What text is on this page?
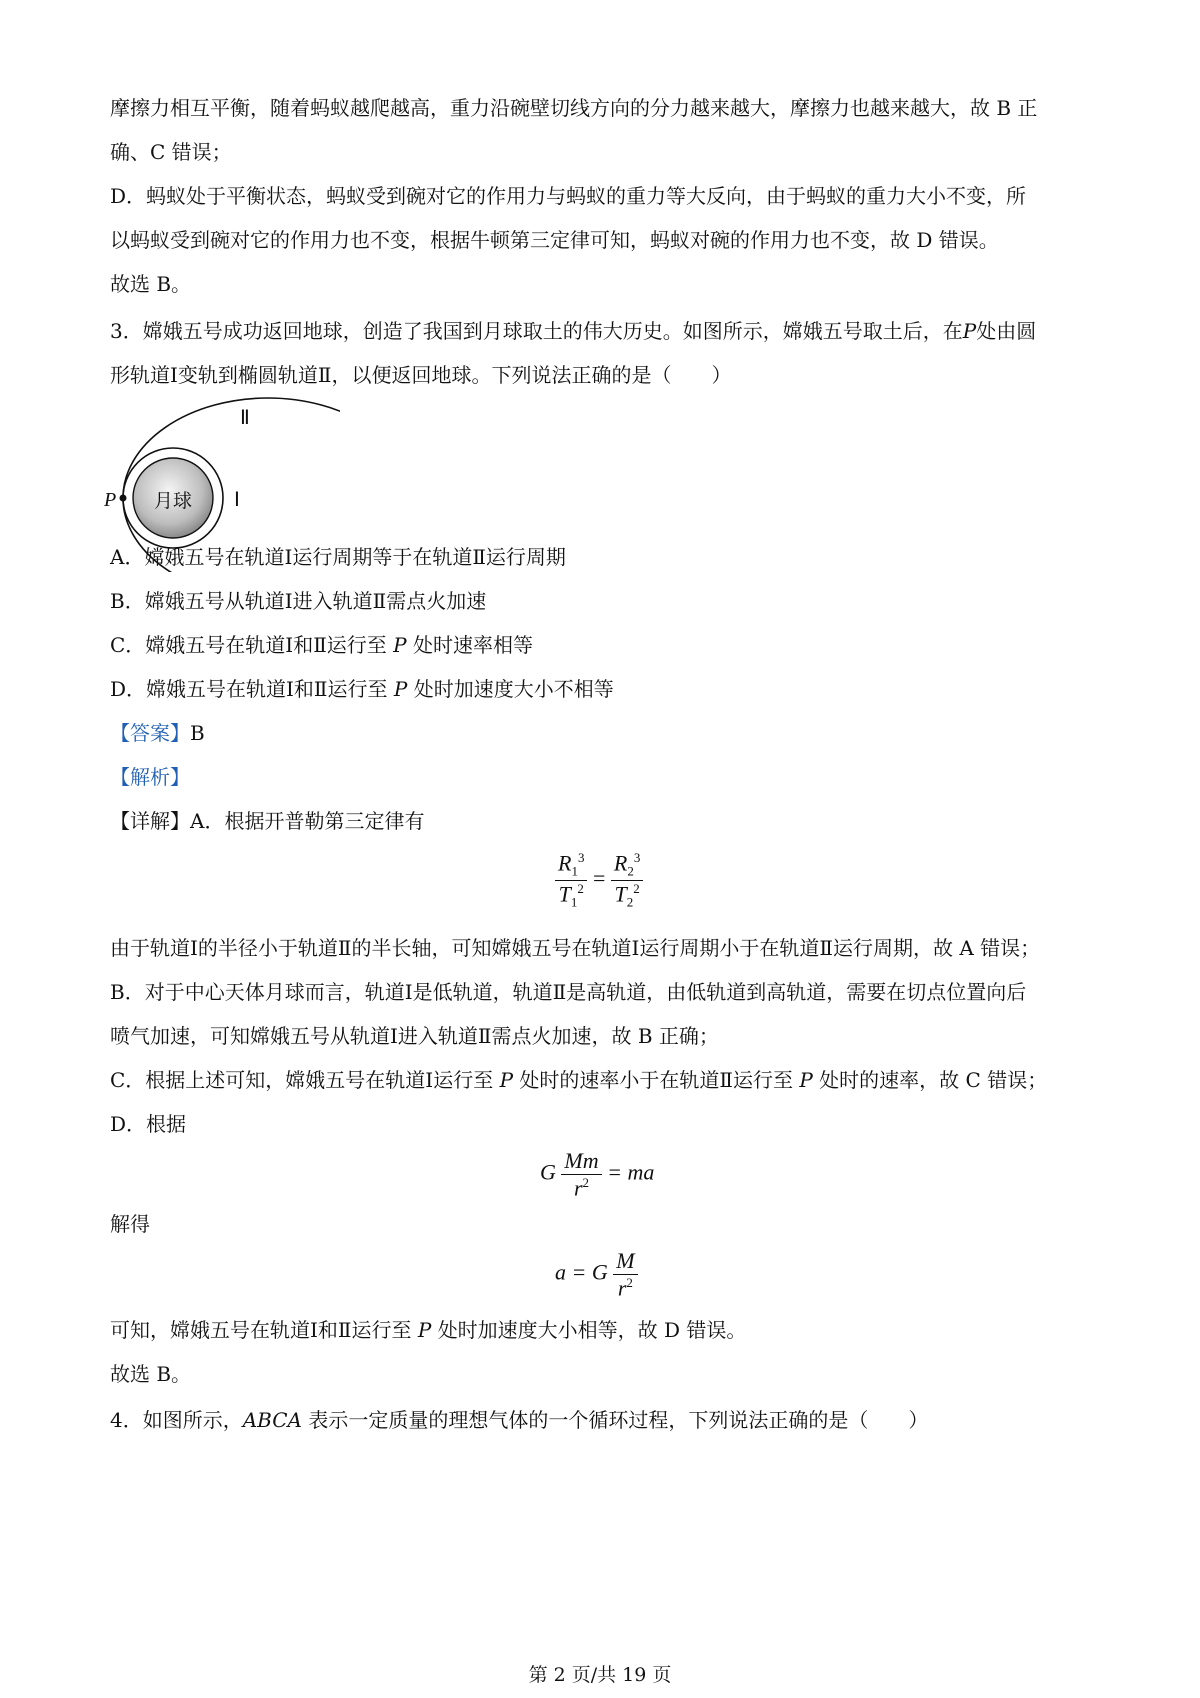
摩擦力相互平衡，随着蚂蚁越爬越高，重力沿碗壁切线方向的分力越来越大，摩擦力也越来越大，故 B 正
确、C 错误；
D．蚂蚁处于平衡状态，蚂蚁受到碗对它的作用力与蚂蚁的重力等大反向，由于蚂蚁的重力大小不变，所
以蚂蚁受到碗对它的作用力也不变，根据牛顿第三定律可知，蚂蚁对碗的作用力也不变，故 D 错误。
故选 B。
3．嫦娥五号成功返回地球，创造了我国到月球取土的伟大历史。如图所示，嫦娥五号取土后，在P处由圆
形轨道Ⅰ变轨到椭圆轨道Ⅱ，以便返回地球。下列说法正确的是（　　）
月球
P	Ⅰ
Ⅱ
A．嫦娥五号在轨道Ⅰ运行周期等于在轨道Ⅱ运行周期
B．嫦娥五号从轨道Ⅰ进入轨道Ⅱ需点火加速
C．嫦娥五号在轨道Ⅰ和Ⅱ运行至 P 处时速率相等
D．嫦娥五号在轨道Ⅰ和Ⅱ运行至 P 处时加速度大小不相等
【答案】B
【解析】
【详解】A．根据开普勒第三定律有
$\frac{R_1^3}{T_1^2} = \frac{R_2^3}{T_2^2}$
由于轨道Ⅰ的半径小于轨道Ⅱ的半长轴，可知嫦娥五号在轨道Ⅰ运行周期小于在轨道Ⅱ运行周期，故 A 错误；
B．对于中心天体月球而言，轨道Ⅰ是低轨道，轨道Ⅱ是高轨道，由低轨道到高轨道，需要在切点位置向后
喷气加速，可知嫦娥五号从轨道Ⅰ进入轨道Ⅱ需点火加速，故 B 正确；
C．根据上述可知，嫦娥五号在轨道Ⅰ运行至 P 处时的速率小于在轨道Ⅱ运行至 P 处时的速率，故 C 错误；
D．根据
G $\frac{Mm}{r^2}$ = ma
解得
a = G $\frac{M}{r^2}$
可知，嫦娥五号在轨道Ⅰ和Ⅱ运行至 P 处时加速度大小相等，故 D 错误。
故选 B。
4．如图所示，ABCA 表示一定质量的理想气体的一个循环过程，下列说法正确的是（　　）
第 2 页/共 19 页
